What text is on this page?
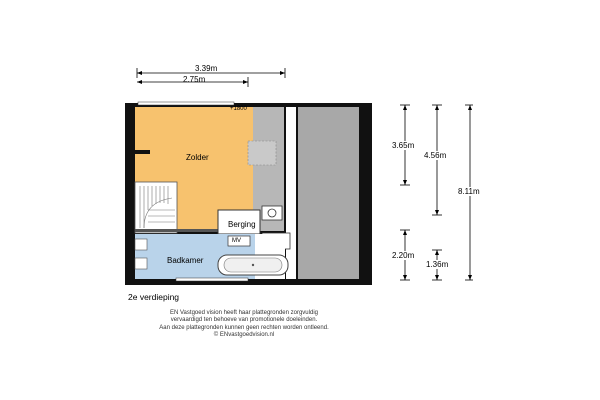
3.39m
2.75m
+1800
Zolder
Berging
MV
Badkamer
3.65m
4.56m
8.11m
2.20m
1.36m
2e verdieping
EN Vastgoed vision heeft haar plattegronden zorgvuldig
vervaardigd ten behoeve van promotionele doeleinden.
Aan deze plattegronden kunnen geen rechten worden ontleend.
© ENvastgoedvision.nl
